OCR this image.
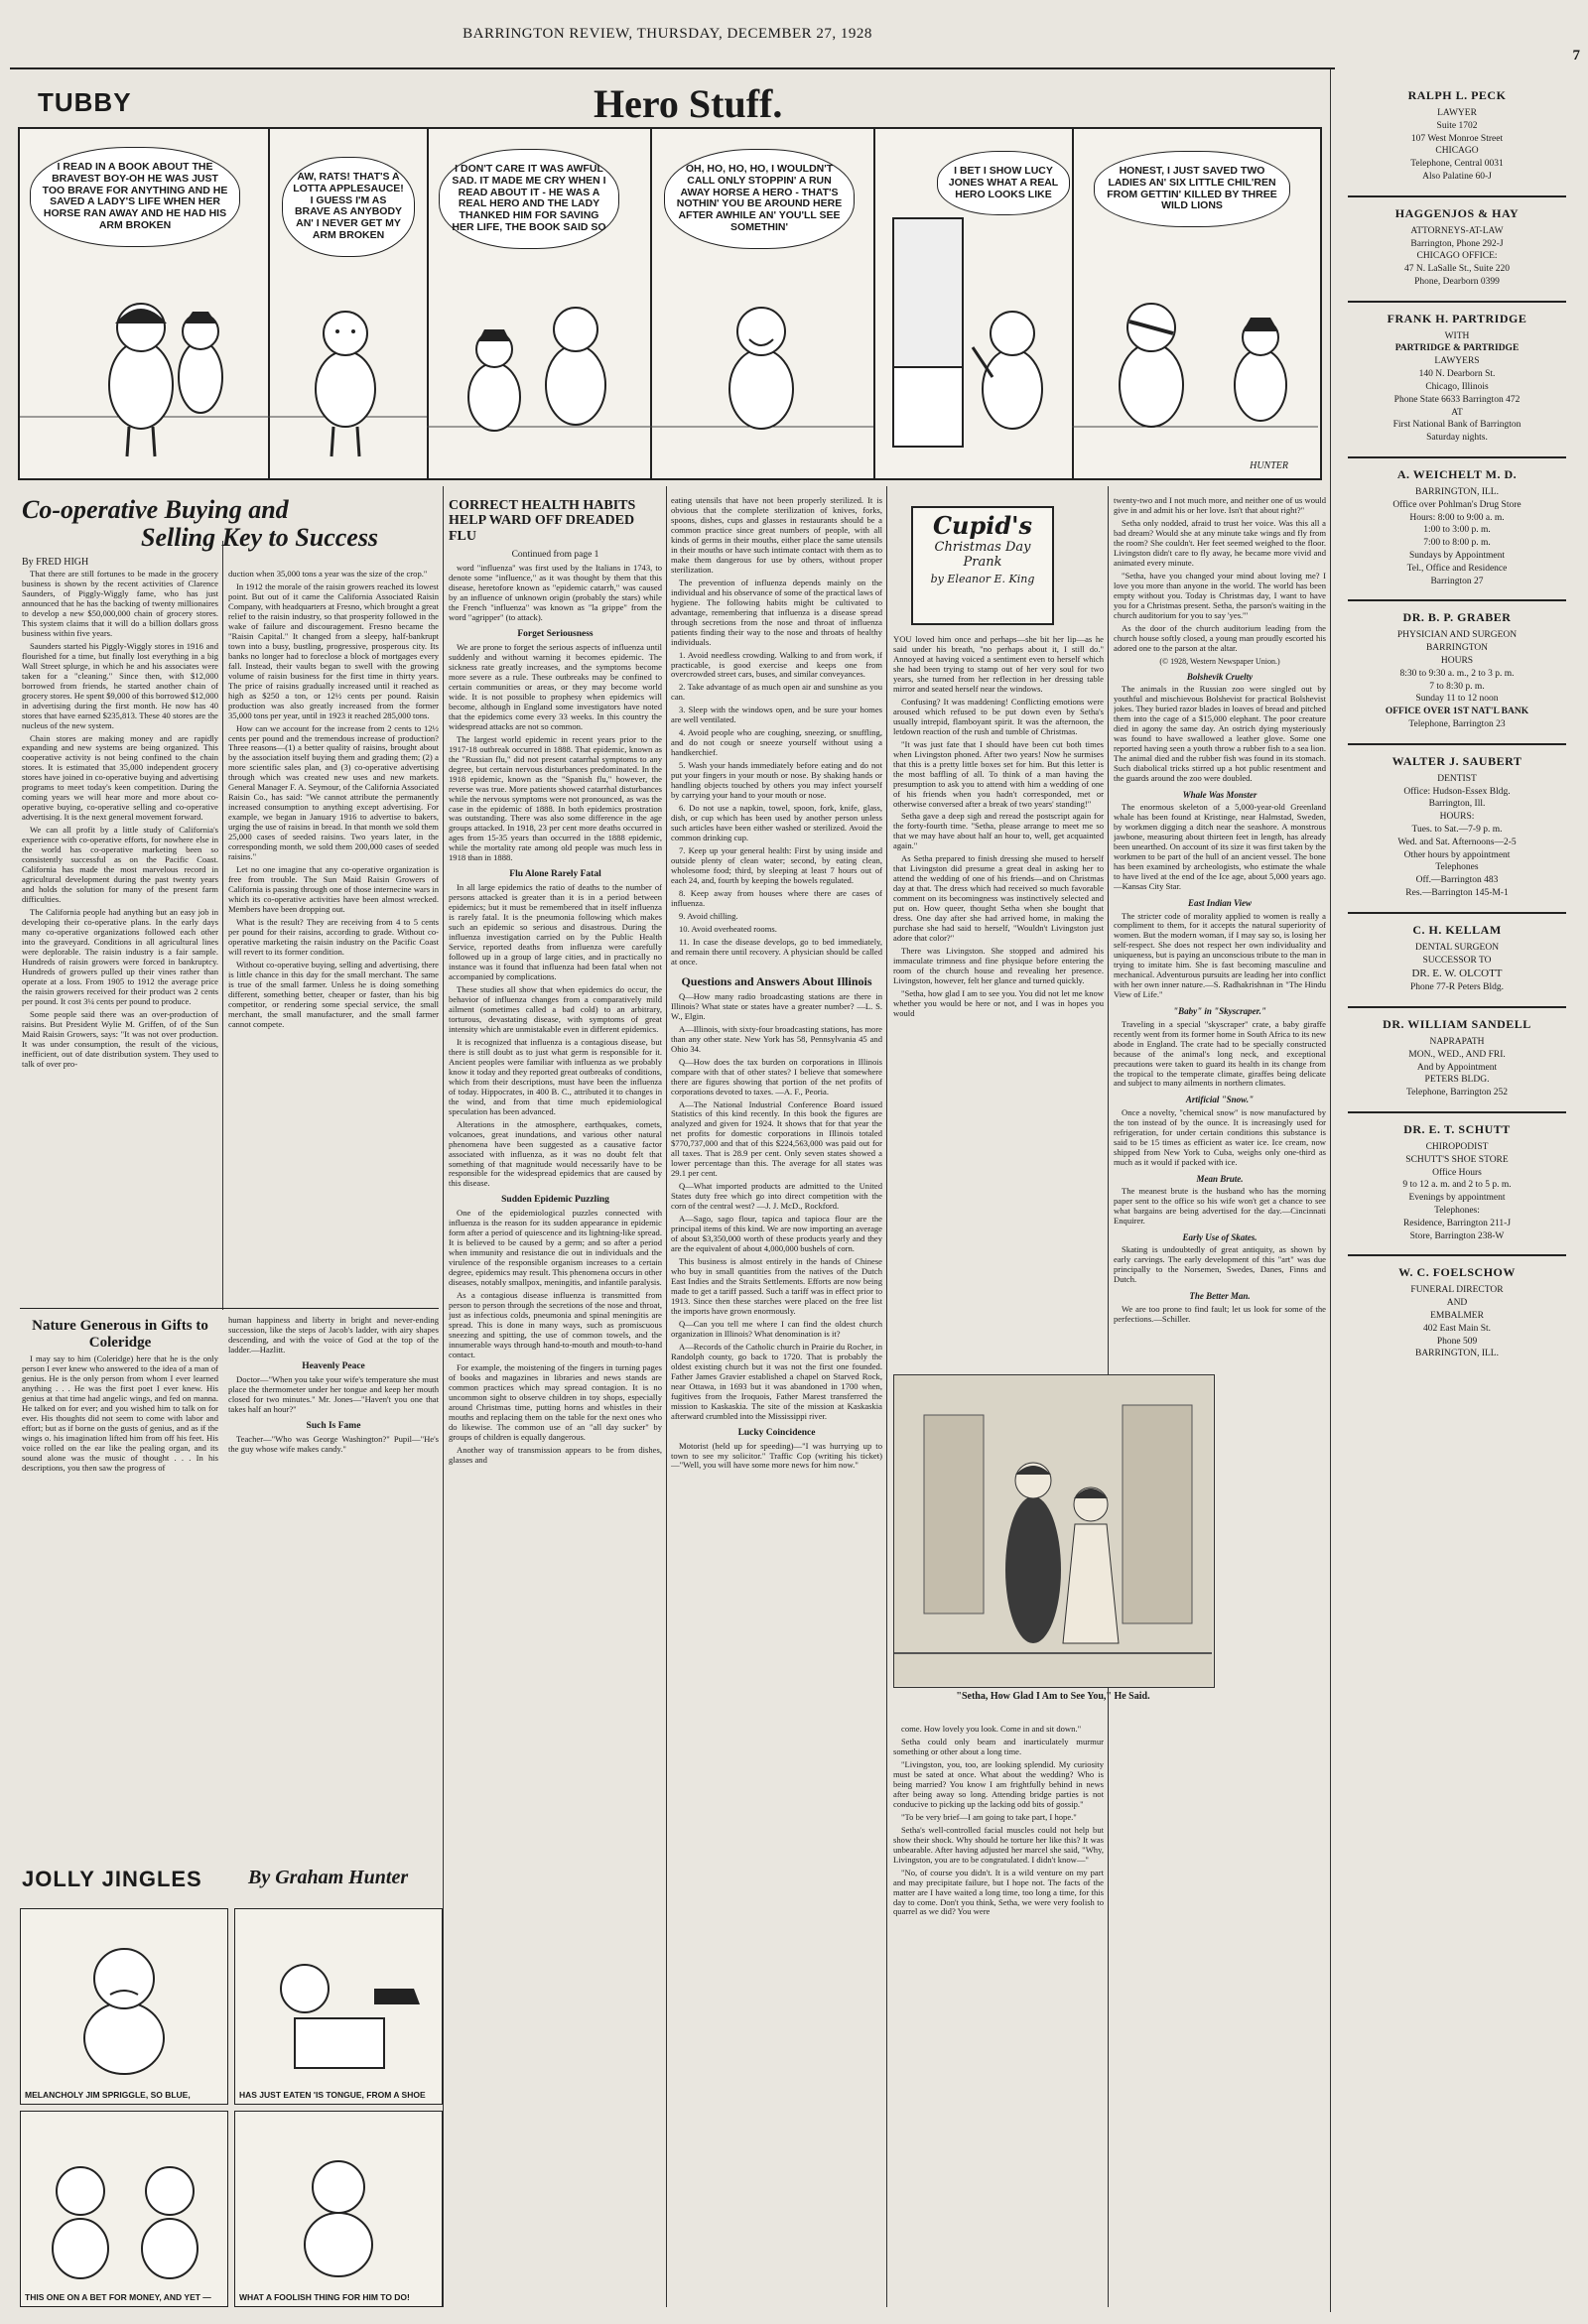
BARRINGTON REVIEW, THURSDAY, DECEMBER 27, 1928
7
TUBBY	Hero Stuff.
I READ IN A BOOK ABOUT THE BRAVEST BOY-OH HE WAS JUST TOO BRAVE FOR ANYTHING AND HE SAVED A LADY'S LIFE WHEN HER HORSE RAN AWAY AND HE HAD HIS ARM BROKEN
AW, RATS! THAT'S A LOTTA APPLESAUCE! I GUESS I'M AS BRAVE AS ANYBODY AN' I NEVER GET MY ARM BROKEN
I DON'T CARE IT WAS AWFUL SAD. IT MADE ME CRY WHEN I READ ABOUT IT - HE WAS A REAL HERO AND THE LADY THANKED HIM FOR SAVING HER LIFE, THE BOOK SAID SO
OH, HO, HO, HO, I WOULDN'T CALL ONLY STOPPIN' A RUN AWAY HORSE A HERO - THAT'S NOTHIN' YOU BE AROUND HERE AFTER AWHILE AN' YOU'LL SEE SOMETHIN'
I BET I SHOW LUCY JONES WHAT A REAL HERO LOOKS LIKE
HONEST, I JUST SAVED TWO LADIES AN' SIX LITTLE CHIL'REN FROM GETTIN' KILLED BY THREE WILD LIONS
HUNTER
Co-operative Buying and
Selling Key to Success
By FRED HIGH

That there are still fortunes to be made in the grocery business is shown by the recent activities of Clarence Saunders, of Piggly-Wiggly fame, who has just announced that he has the backing of twenty millionaires to develop a new $50,000,000 chain of grocery stores. This system claims that it will do a billion dollars gross business within five years.

Saunders started his Piggly-Wiggly stores in 1916 and flourished for a time, but finally lost everything in a big Wall Street splurge, in which he and his associates were taken for a "cleaning." Since then, with $12,000 borrowed from friends, he started another chain of grocery stores. He spent $9,000 of this borrowed $12,000 in advertising during the first month. He now has 40 stores that have earned $235,813. These 40 stores are the nucleus of the new system.

Chain stores are making money and are rapidly expanding and new systems are being organized. This cooperative activity is not being confined to the chain stores. It is estimated that 35,000 independent grocery stores have joined in co-operative buying and advertising programs to meet today's keen competition. During the coming years we will hear more and more about co-operative buying, co-operative selling and co-operative advertising. It is the next general movement forward.

We can all profit by a little study of California's experience with co-operative efforts, for nowhere else in the world has co-operative marketing been so consistently successful as on the Pacific Coast. California has made the most marvelous record in agricultural development during the past twenty years and holds the solution for many of the present farm difficulties.

The California people had anything but an easy job in developing their co-operative plans. In the early days many co-operative organizations followed each other into the graveyard. Conditions in all agricultural lines were deplorable. The raisin industry is a fair sample. Hundreds of raisin growers were forced in bankruptcy. Hundreds of growers pulled up their vines rather than operate at a loss. From 1905 to 1912 the average price the raisin growers received for their product was 2 cents per pound. It cost 3¼ cents per pound to produce.

Some people said there was an over-production of raisins. But President Wylie M. Griffen, of of the Sun Maid Raisin Growers, says: "It was not over production. It was under consumption, the result of the vicious, inefficient, out of date distribution system. They used to talk of over pro-

duction when 35,000 tons a year was the size of the crop."

In 1912 the morale of the raisin growers reached its lowest point. But out of it came the California Associated Raisin Company, with headquarters at Fresno, which brought a great relief to the raisin industry, so that prosperity followed in the wake of failure and discouragement. Fresno became the "Raisin Capital." It changed from a sleepy, half-bankrupt town into a busy, bustling, progressive, prosperous city. Its banks no longer had to foreclose a block of mortgages every fall. Instead, their vaults began to swell with the growing volume of raisin business for the first time in thirty years. The price of raisins gradually increased until it reached as high as $250 a ton, or 12½ cents per pound. Raisin production was also greatly increased from the former 35,000 tons per year, until in 1923 it reached 285,000 tons.

How can we account for the increase from 2 cents to 12½ cents per pound and the tremendous increase of production? Three reasons—(1) a better quality of raisins, brought about by the association itself buying them and grading them; (2) a more scientific sales plan, and (3) co-operative advertising through which was created new uses and new markets. General Manager F. A. Seymour, of the California Associated Raisin Co., has said: "We cannot attribute the permanently increased consumption to anything except advertising. For example, we began in January 1916 to advertise to bakers, urging the use of raisins in bread. In that month we sold them 25,000 cases of seeded raisins. Two years later, in the corresponding month, we sold them 200,000 cases of seeded raisins."

Let no one imagine that any co-operative organization is free from trouble. The Sun Maid Raisin Growers of California is passing through one of those internecine wars in which its co-operative activities have been almost wrecked. Members have been dropping out.

What is the result? They are receiving from 4 to 5 cents per pound for their raisins, according to grade. Without co-operative marketing the raisin industry on the Pacific Coast will revert to its former condition.

Without co-operative buying, selling and advertising, there is little chance in this day for the small merchant. The same is true of the small farmer. Unless he is doing something different, something better, cheaper or faster, than his big competitor, or rendering some special service, the small merchant, the small manufacturer, and the small farmer cannot compete.

Nature Generous in Gifts to Coleridge

I may say to him (Coleridge) here that he is the only person I ever knew who answered to the idea of a man of genius. He is the only person from whom I ever learned anything . . . He was the first poet I ever knew. His genius at that time had angelic wings, and fed on manna. He talked on for ever; and you wished him to talk on for ever. His thoughts did not seem to come with labor and effort; but as if borne on the gusts of genius, and as if the wings o. his imagination lifted him from off his feet. His voice rolled on the ear like the pealing organ, and its sound alone was the music of thought . . . In his descriptions, you then saw the progress of

human happiness and liberty in bright and never-ending succession, like the steps of Jacob's ladder, with airy shapes descending, and with the voice of God at the top of the ladder.—Hazlitt.

Heavenly Peace

Doctor—"When you take your wife's temperature she must place the thermometer under her tongue and keep her mouth closed for two minutes." Mr. Jones—"Haven't you one that takes half an hour?"

Such Is Fame

Teacher—"Who was George Washington?" Pupil—"He's the guy whose wife makes candy."

JOLLY JINGLES By Graham Hunter
MELANCHOLY JIM SPRIGGLE, SO BLUE,	HAS JUST EATEN 'IS TONGUE, FROM A SHOE
THIS ONE ON A BET FOR MONEY, AND YET —	WHAT A FOOLISH THING FOR HIM TO DO!
CORRECT HEALTH HABITS HELP WARD OFF DREADED FLU
Continued from page 1

word "influenza" was first used by the Italians in 1743, to denote some "influence," as it was thought by them that this disease, heretofore known as "epidemic catarrh," was caused by an influence of unknown origin (probably the stars) while the French "influenza" was known as "la grippe" from the word "agripper" (to attack).

Forget Seriousness

We are prone to forget the serious aspects of influenza until suddenly and without warning it becomes epidemic. The sickness rate greatly increases, and the symptoms become more severe as a rule. These outbreaks may be confined to certain communities or areas, or they may become world wide. It is not possible to prophesy when epidemics will become, although in England some investigators have noted that the epidemics come every 33 weeks. In this country the widespread attacks are not so common.

The largest world epidemic in recent years prior to the 1917-18 outbreak occurred in 1888. That epidemic, known as the "Russian flu," did not present catarrhal symptoms to any degree, but certain nervous disturbances predominated. In the 1918 epidemic, known as the "Spanish flu," however, the reverse was true. More patients showed catarrhal disturbances while the nervous symptoms were not pronounced, as was the case in the epidemic of 1888. In both epidemics prostration was outstanding. There was also some difference in the age groups attacked. In 1918, 23 per cent more deaths occurred in ages from 15-35 years than occurred in the 1888 epidemic, while the mortality rate among old people was much less in 1918 than in 1888.

Flu Alone Rarely Fatal

In all large epidemics the ratio of deaths to the number of persons attacked is greater than it is in a period between epidemics; but it must be remembered that in itself influenza is rarely fatal. It is the pneumonia following which makes such an epidemic so serious and disastrous. During the influenza investigation carried on by the Public Health Service, reported deaths from influenza were carefully followed up in a group of large cities, and in practically no instance was it found that influenza had been fatal when not accompanied by complications.

These studies all show that when epidemics do occur, the behavior of influenza changes from a comparatively mild ailment (sometimes called a bad cold) to an arbitrary, torturous, devastating disease, with symptoms of great intensity which are unmistakable even in different epidemics.

It is recognized that influenza is a contagious disease, but there is still doubt as to just what germ is responsible for it. Ancient peoples were familiar with influenza as we probably know it today and they reported great outbreaks of conditions, which from their descriptions, must have been the influenza of today. Hippocrates, in 400 B. C., attributed it to changes in the wind, and from that time much epidemiological speculation has been advanced.

Alterations in the atmosphere, earthquakes, comets, volcanoes, great inundations, and various other natural phenomena have been suggested as a causative factor associated with influenza, as it was no doubt felt that something of that magnitude would necessarily have to be responsible for the widespread epidemics that are caused by this disease.

Sudden Epidemic Puzzling

One of the epidemiological puzzles connected with influenza is the reason for its sudden appearance in epidemic form after a period of quiescence and its lightning-like spread. It is believed to be caused by a germ; and so after a period when immunity and resistance die out in individuals and the virulence of the responsible organism increases to a certain degree, epidemics may result. This phenomena occurs in other diseases, notably smallpox, meningitis, and infantile paralysis.

As a contagious disease influenza is transmitted from person to person through the secretions of the nose and throat, just as infectious colds, pneumonia and spinal meningitis are spread. This is done in many ways, such as promiscuous sneezing and spitting, the use of common towels, and the innumerable ways through hand-to-mouth and mouth-to-hand contact.

For example, the moistening of the fingers in turning pages of books and magazines in libraries and news stands are common practices which may spread contagion. It is no uncommon sight to observe children in toy shops, especially around Christmas time, putting horns and whistles in their mouths and replacing them on the table for the next ones who do likewise. The common use of an "all day sucker" by groups of children is equally dangerous.

Another way of transmission appears to be from dishes, glasses and

eating utensils that have not been properly sterilized. It is obvious that the complete sterilization of knives, forks, spoons, dishes, cups and glasses in restaurants should be a common practice since great numbers of people, with all kinds of germs in their mouths, either place the same utensils in their mouths or have such intimate contact with them as to make them dangerous for use by others, without proper sterilization.

The prevention of influenza depends mainly on the individual and his observance of some of the practical laws of hygiene. The following habits might be cultivated to advantage, remembering that influenza is a disease spread through secretions from the nose and throat of influenza patients finding their way to the nose and throats of healthy individuals.

1. Avoid needless crowding. Walking to and from work, if practicable, is good exercise and keeps one from overcrowded street cars, buses, and similar conveyances.

2. Take advantage of as much open air and sunshine as you can.

3. Sleep with the windows open, and be sure your homes are well ventilated.

4. Avoid people who are coughing, sneezing, or snuffling, and do not cough or sneeze yourself without using a handkerchief.

5. Wash your hands immediately before eating and do not put your fingers in your mouth or nose. By shaking hands or handling objects touched by others you may infect yourself by carrying your hand to your mouth or nose.

6. Do not use a napkin, towel, spoon, fork, knife, glass, dish, or cup which has been used by another person unless such articles have been either washed or sterilized. Avoid the common drinking cup.

7. Keep up your general health: First by using inside and outside plenty of clean water; second, by eating clean, wholesome food; third, by sleeping at least 7 hours out of each 24, and, fourth by keeping the bowels regulated.

8. Keep away from houses where there are cases of influenza.

9. Avoid chilling.

10. Avoid overheated rooms.

11. In case the disease develops, go to bed immediately, and remain there until recovery. A physician should be called at once.

Questions and Answers About Illinois

Q—How many radio broadcasting stations are there in Illinois? What state or states have a greater number? —L. S. W., Elgin.

A—Illinois, with sixty-four broadcasting stations, has more than any other state. New York has 58, Pennsylvania 45 and Ohio 34.

Q—How does the tax burden on corporations in Illinois compare with that of other states? I believe that somewhere there are figures showing that portion of the net profits of corporations devoted to taxes. —A. F., Peoria.

A—The National Industrial Conference Board issued Statistics of this kind recently. In this book the figures are analyzed and given for 1924. It shows that for that year the net profits for domestic corporations in Illinois totaled $770,737,000 and that of this $224,563,000 was paid out for all taxes. That is 28.9 per cent. Only seven states showed a lower percentage than this. The average for all states was 29.1 per cent.

Q—What imported products are admitted to the United States duty free which go into direct competition with the corn of the central west? —J. J. McD., Rockford.

A—Sago, sago flour, tapica and tapioca flour are the principal items of this kind. We are now importing an average of about $3,350,000 worth of these products yearly and they are the equivalent of about 4,000,000 bushels of corn.

This business is almost entirely in the hands of Chinese who buy in small quantities from the natives of the Dutch East Indies and the Straits Settlements. Efforts are now being made to get a tariff passed. Such a tariff was in effect prior to 1913. Since then these starches were placed on the free list the imports have grown enormously.

Q—Can you tell me where I can find the oldest church organization in Illinois? What denomination is it?

A—Records of the Catholic church in Prairie du Rocher, in Randolph county, go back to 1720. That is probably the oldest existing church but it was not the first one founded. Father James Gravier established a chapel on Starved Rock, near Ottawa, in 1693 but it was abandoned in 1700 when, fugitives from the Iroquois, Father Marest transferred the mission to Kaskaskia. The site of the mission at Kaskaskia afterward crumbled into the Mississippi river.

Lucky Coincidence

Motorist (held up for speeding)—"I was hurrying up to town to see my solicitor." Traffic Cop (writing his ticket)—"Well, you will have some more news for him now."

Cupid's
Christmas Day Prank
by Eleanor E. King

YOU loved him once and perhaps—she bit her lip—as he said under his breath, "no perhaps about it, I still do." Annoyed at having voiced a sentiment even to herself which she had been trying to stamp out of her very soul for two years, she turned from her reflection in her dressing table mirror and seated herself near the windows.

Confusing? It was maddening! Conflicting emotions were aroused which refused to be put down even by Setha's usually intrepid, flamboyant spirit. It was the afternoon, the letdown reaction of the rush and tumble of Christmas.

"It was just fate that I should have been cut both times when Livingston phoned. After two years! Now he surmises that this is a pretty little boxes set for him. But this letter is the most baffling of all. To think of a man having the presumption to ask you to attend with him a wedding of one of his friends when you hadn't corresponded, met or otherwise conversed after a break of two years' standing!"

Setha gave a deep sigh and reread the postscript again for the forty-fourth time. "Setha, please arrange to meet me so that we may have about half an hour to, well, get acquainted again."

As Setha prepared to finish dressing she mused to herself that Livingston did presume a great deal in asking her to attend the wedding of one of his friends—and on Christmas day at that. The dress which had received so much favorable comment on its becomingness was instinctively selected and put on. How queer, thought Setha when she bought that dress. One day after she had arrived home, in making the purchase she had said to herself, "Wouldn't Livingston just adore that color?"

There was Livingston. She stopped and admired his immaculate trimness and fine physique before entering the room of the church house and revealing her presence. Livingston, however, felt her glance and turned quickly.

"Setha, how glad I am to see you. You did not let me know whether you would be here or not, and I was in hopes you would

"Setha, How Glad I Am to See You," He Said.

come. How lovely you look. Come in and sit down."

Setha could only beam and inarticulately murmur something or other about a long time.

"Livingston, you, too, are looking splendid. My curiosity must be sated at once. What about the wedding? Who is being married? You know I am frightfully behind in news after being away so long. Attending bridge parties is not conducive to picking up the lacking odd bits of gossip."

"To be very brief—I am going to take part, I hope."

Setha's well-controlled facial muscles could not help but show their shock. Why should he torture her like this? It was unbearable. After having adjusted her marcel she said, "Why, Livingston, you are to be congratulated. I didn't know—"

"No, of course you didn't. It is a wild venture on my part and may precipitate failure, but I hope not. The facts of the matter are I have waited a long time, too long a time, for this day to come. Don't you think, Setha, we were very foolish to quarrel as we did? You were

twenty-two and I not much more, and neither one of us would give in and admit his or her love. Isn't that about right?"

Setha only nodded, afraid to trust her voice. Was this all a bad dream? Would she at any minute take wings and fly from the room? She couldn't. Her feet seemed weighed to the floor. Livingston didn't care to fly away, he became more vivid and animated every minute.

"Setha, have you changed your mind about loving me? I love you more than anyone in the world. The world has been empty without you. Today is Christmas day, I want to have you for a Christmas present. Setha, the parson's waiting in the church auditorium for you to say 'yes.'"

As the door of the church auditorium leading from the church house softly closed, a young man proudly escorted his adored one to the parson at the altar.

(© 1928, Western Newspaper Union.)

Bolshevik Cruelty

The animals in the Russian zoo were singled out by youthful and mischievous Bolshevist for practical Bolshevist jokes. They buried razor blades in loaves of bread and pitched them into the cage of a $15,000 elephant. The poor creature died in agony the same day. An ostrich dying mysteriously was found to have swallowed a leather glove. Some one reported having seen a youth throw a rubber fish to a sea lion. The animal died and the rubber fish was found in its stomach. Such diabolical tricks stirred up a hot public resentment and the guards around the zoo were doubled.

Whale Was Monster

The enormous skeleton of a 5,000-year-old Greenland whale has been found at Kristinge, near Halmstad, Sweden, by workmen digging a ditch near the seashore. A monstrous jawbone, measuring about thirteen feet in length, has already been unearthed. On account of its size it was first taken by the workmen to be part of the hull of an ancient vessel. The bone has been examined by archeologists, who estimate the whale to have lived at the end of the Ice age, about 5,000 years ago.—Kansas City Star.

East Indian View

The stricter code of morality applied to women is really a compliment to them, for it accepts the natural superiority of women. But the modern woman, if I may say so, is losing her self-respect. She does not respect her own individuality and uniqueness, but is paying an unconscious tribute to the man in trying to imitate him. She is fast becoming masculine and mechanical. Adventurous pursuits are leading her into conflict with her own inner nature.—S. Radhakrishnan in "The Hindu View of Life."

"Baby" in "Skyscraper."

Traveling in a special "skyscraper" crate, a baby giraffe recently went from its former home in South Africa to its new abode in England. The crate had to be specially constructed because of the animal's long neck, and exceptional precautions were taken to guard its health in its change from the tropical to the temperate climate, giraffes being delicate and subject to many ailments in northern climates.

Artificial "Snow."

Once a novelty, "chemical snow" is now manufactured by the ton instead of by the ounce. It is increasingly used for refrigeration, for under certain conditions this substance is said to be 15 times as efficient as water ice. Ice cream, now shipped from New York to Cuba, weighs only one-third as much as it would if packed with ice.

Mean Brute.

The meanest brute is the husband who has the morning paper sent to the office so his wife won't get a chance to see what bargains are being advertised for the day.—Cincinnati Enquirer.

Early Use of Skates.

Skating is undoubtedly of great antiquity, as shown by early carvings. The early development of this "art" was due principally to the Norsemen, Swedes, Danes, Finns and Dutch.

The Better Man.

We are too prone to find fault; let us look for some of the perfections.—Schiller.

RALPH L. PECK
LAWYER
Suite 1702
107 West Monroe Street
CHICAGO
Telephone, Central 0031
Also Palatine 60-J
HAGGENJOS & HAY
ATTORNEYS-AT-LAW
Barrington, Phone 292-J
CHICAGO OFFICE:
47 N. LaSalle St., Suite 220
Phone, Dearborn 0399
FRANK H. PARTRIDGE
WITH
PARTRIDGE & PARTRIDGE
LAWYERS
140 N. Dearborn St.
Chicago, Illinois
Phone State 6633 Barrington 472
AT
First National Bank of Barrington
Saturday nights.
A. WEICHELT M. D.
BARRINGTON, ILL.
Office over Pohlman's Drug Store
Hours: 8:00 to 9:00 a. m.
1:00 to 3:00 p. m.
7:00 to 8:00 p. m.
Sundays by Appointment
Tel., Office and Residence
Barrington 27
DR. B. P. GRABER
PHYSICIAN AND SURGEON
BARRINGTON
HOURS
8:30 to 9:30 a. m., 2 to 3 p. m.
7 to 8:30 p. m.
Sunday 11 to 12 noon
OFFICE OVER 1ST NAT'L BANK
Telephone, Barrington 23
WALTER J. SAUBERT
DENTIST
Office: Hudson-Essex Bldg.
Barrington, Ill.
HOURS:
Tues. to Sat.—7-9 p. m.
Wed. and Sat. Afternoons—2-5
Other hours by appointment
Telephones
Off.—Barrington 483
Res.—Barrington 145-M-1
C. H. KELLAM
DENTAL SURGEON
SUCCESSOR TO
DR. E. W. OLCOTT
Phone 77-R Peters Bldg.
DR. WILLIAM SANDELL
NAPRAPATH
MON., WED., AND FRI.
And by Appointment
PETERS BLDG.
Telephone, Barrington 252
DR. E. T. SCHUTT
CHIROPODIST
SCHUTT'S SHOE STORE
Office Hours
9 to 12 a. m. and 2 to 5 p. m.
Evenings by appointment
Telephones:
Residence, Barrington 211-J
Store, Barrington 238-W
W. C. FOELSCHOW
FUNERAL DIRECTOR
AND
EMBALMER
402 East Main St.
Phone 509
BARRINGTON, ILL.
